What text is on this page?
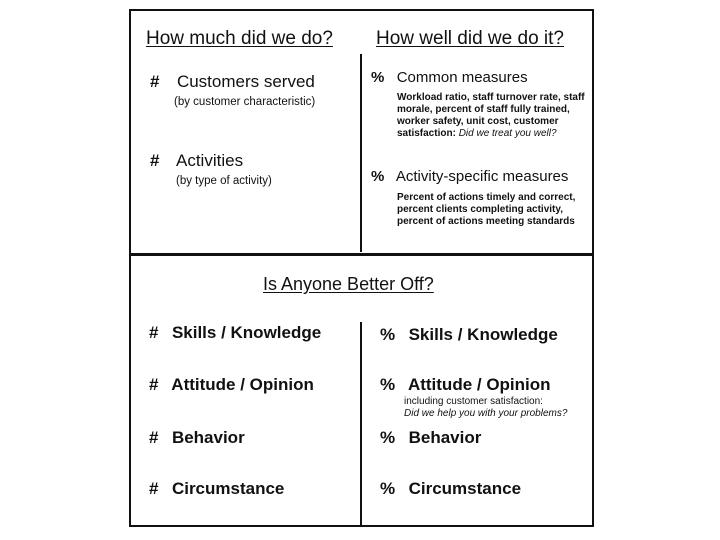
How much did we do?
# Customers served
(by customer characteristic)
# Activities
(by type of activity)
How well did we do it?
% Common measures
Workload ratio, staff turnover rate, staff morale, percent of staff fully trained, worker safety, unit cost, customer satisfaction: Did we treat you well?
% Activity-specific measures
Percent of actions timely and correct, percent clients completing activity, percent of actions meeting standards
Is Anyone Better Off?
# Skills / Knowledge
# Attitude / Opinion
# Behavior
# Circumstance
% Skills / Knowledge
% Attitude / Opinion
including customer satisfaction:
Did we help you with your problems?
% Behavior
% Circumstance
